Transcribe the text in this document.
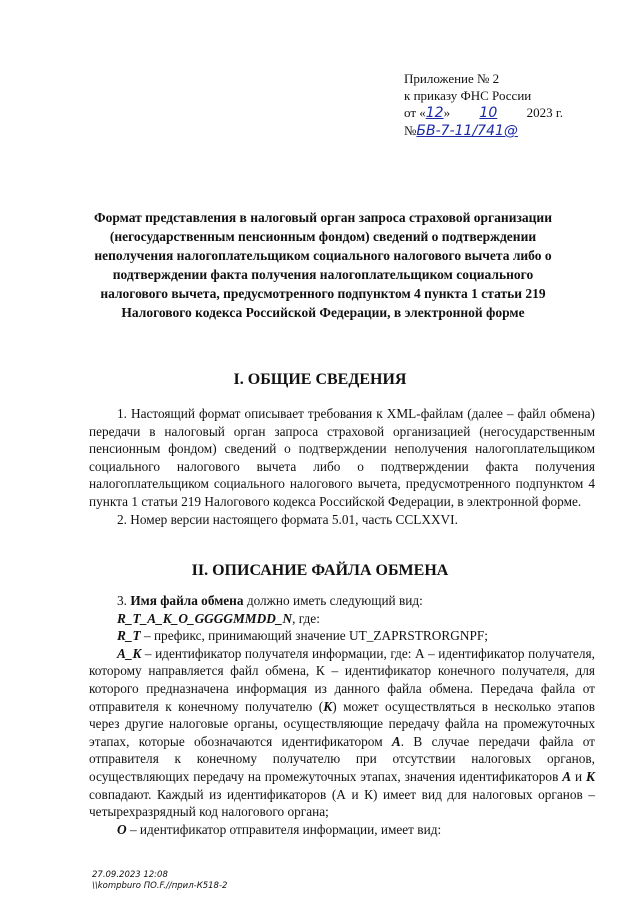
Приложение № 2
к приказу ФНС России
от «12» 10 2023 г.
№БВ-7-11/741@
Формат представления в налоговый орган запроса страховой организации (негосударственным пенсионным фондом) сведений о подтверждении неполучения налогоплательщиком социального налогового вычета либо о подтверждении факта получения налогоплательщиком социального налогового вычета, предусмотренного подпунктом 4 пункта 1 статьи 219 Налогового кодекса Российской Федерации, в электронной форме
I. ОБЩИЕ СВЕДЕНИЯ

1. Настоящий формат описывает требования к XML-файлам (далее – файл обмена) передачи в налоговый орган запроса страховой организацией (негосударственным пенсионным фондом) сведений о подтверждении неполучения налогоплательщиком социального налогового вычета либо о подтверждении факта получения налогоплательщиком социального налогового вычета, предусмотренного подпунктом 4 пункта 1 статьи 219 Налогового кодекса Российской Федерации, в электронной форме.

2. Номер версии настоящего формата 5.01, часть CCLXXVI.

II. ОПИСАНИЕ ФАЙЛА ОБМЕНА

3. Имя файла обмена должно иметь следующий вид:

R_T_A_K_O_GGGGMMDD_N, где:

R_T – префикс, принимающий значение UT_ZAPRSTRORGNPF;

A_K – идентификатор получателя информации, где: А – идентификатор получателя, которому направляется файл обмена, К – идентификатор конечного получателя, для которого предназначена информация из данного файла обмена. Передача файла от отправителя к конечному получателю (К) может осуществляться в несколько этапов через другие налоговые органы, осуществляющие передачу файла на промежуточных этапах, которые обозначаются идентификатором А. В случае передачи файла от отправителя к конечному получателю при отсутствии налоговых органов, осуществляющих передачу на промежуточных этапах, значения идентификаторов А и К совпадают. Каждый из идентификаторов (А и К) имеет вид для налоговых органов – четырехразрядный код налогового органа;

O – идентификатор отправителя информации, имеет вид:

27.09.2023 12:08
\\kompburo ПО.F.//прил-К518-2
